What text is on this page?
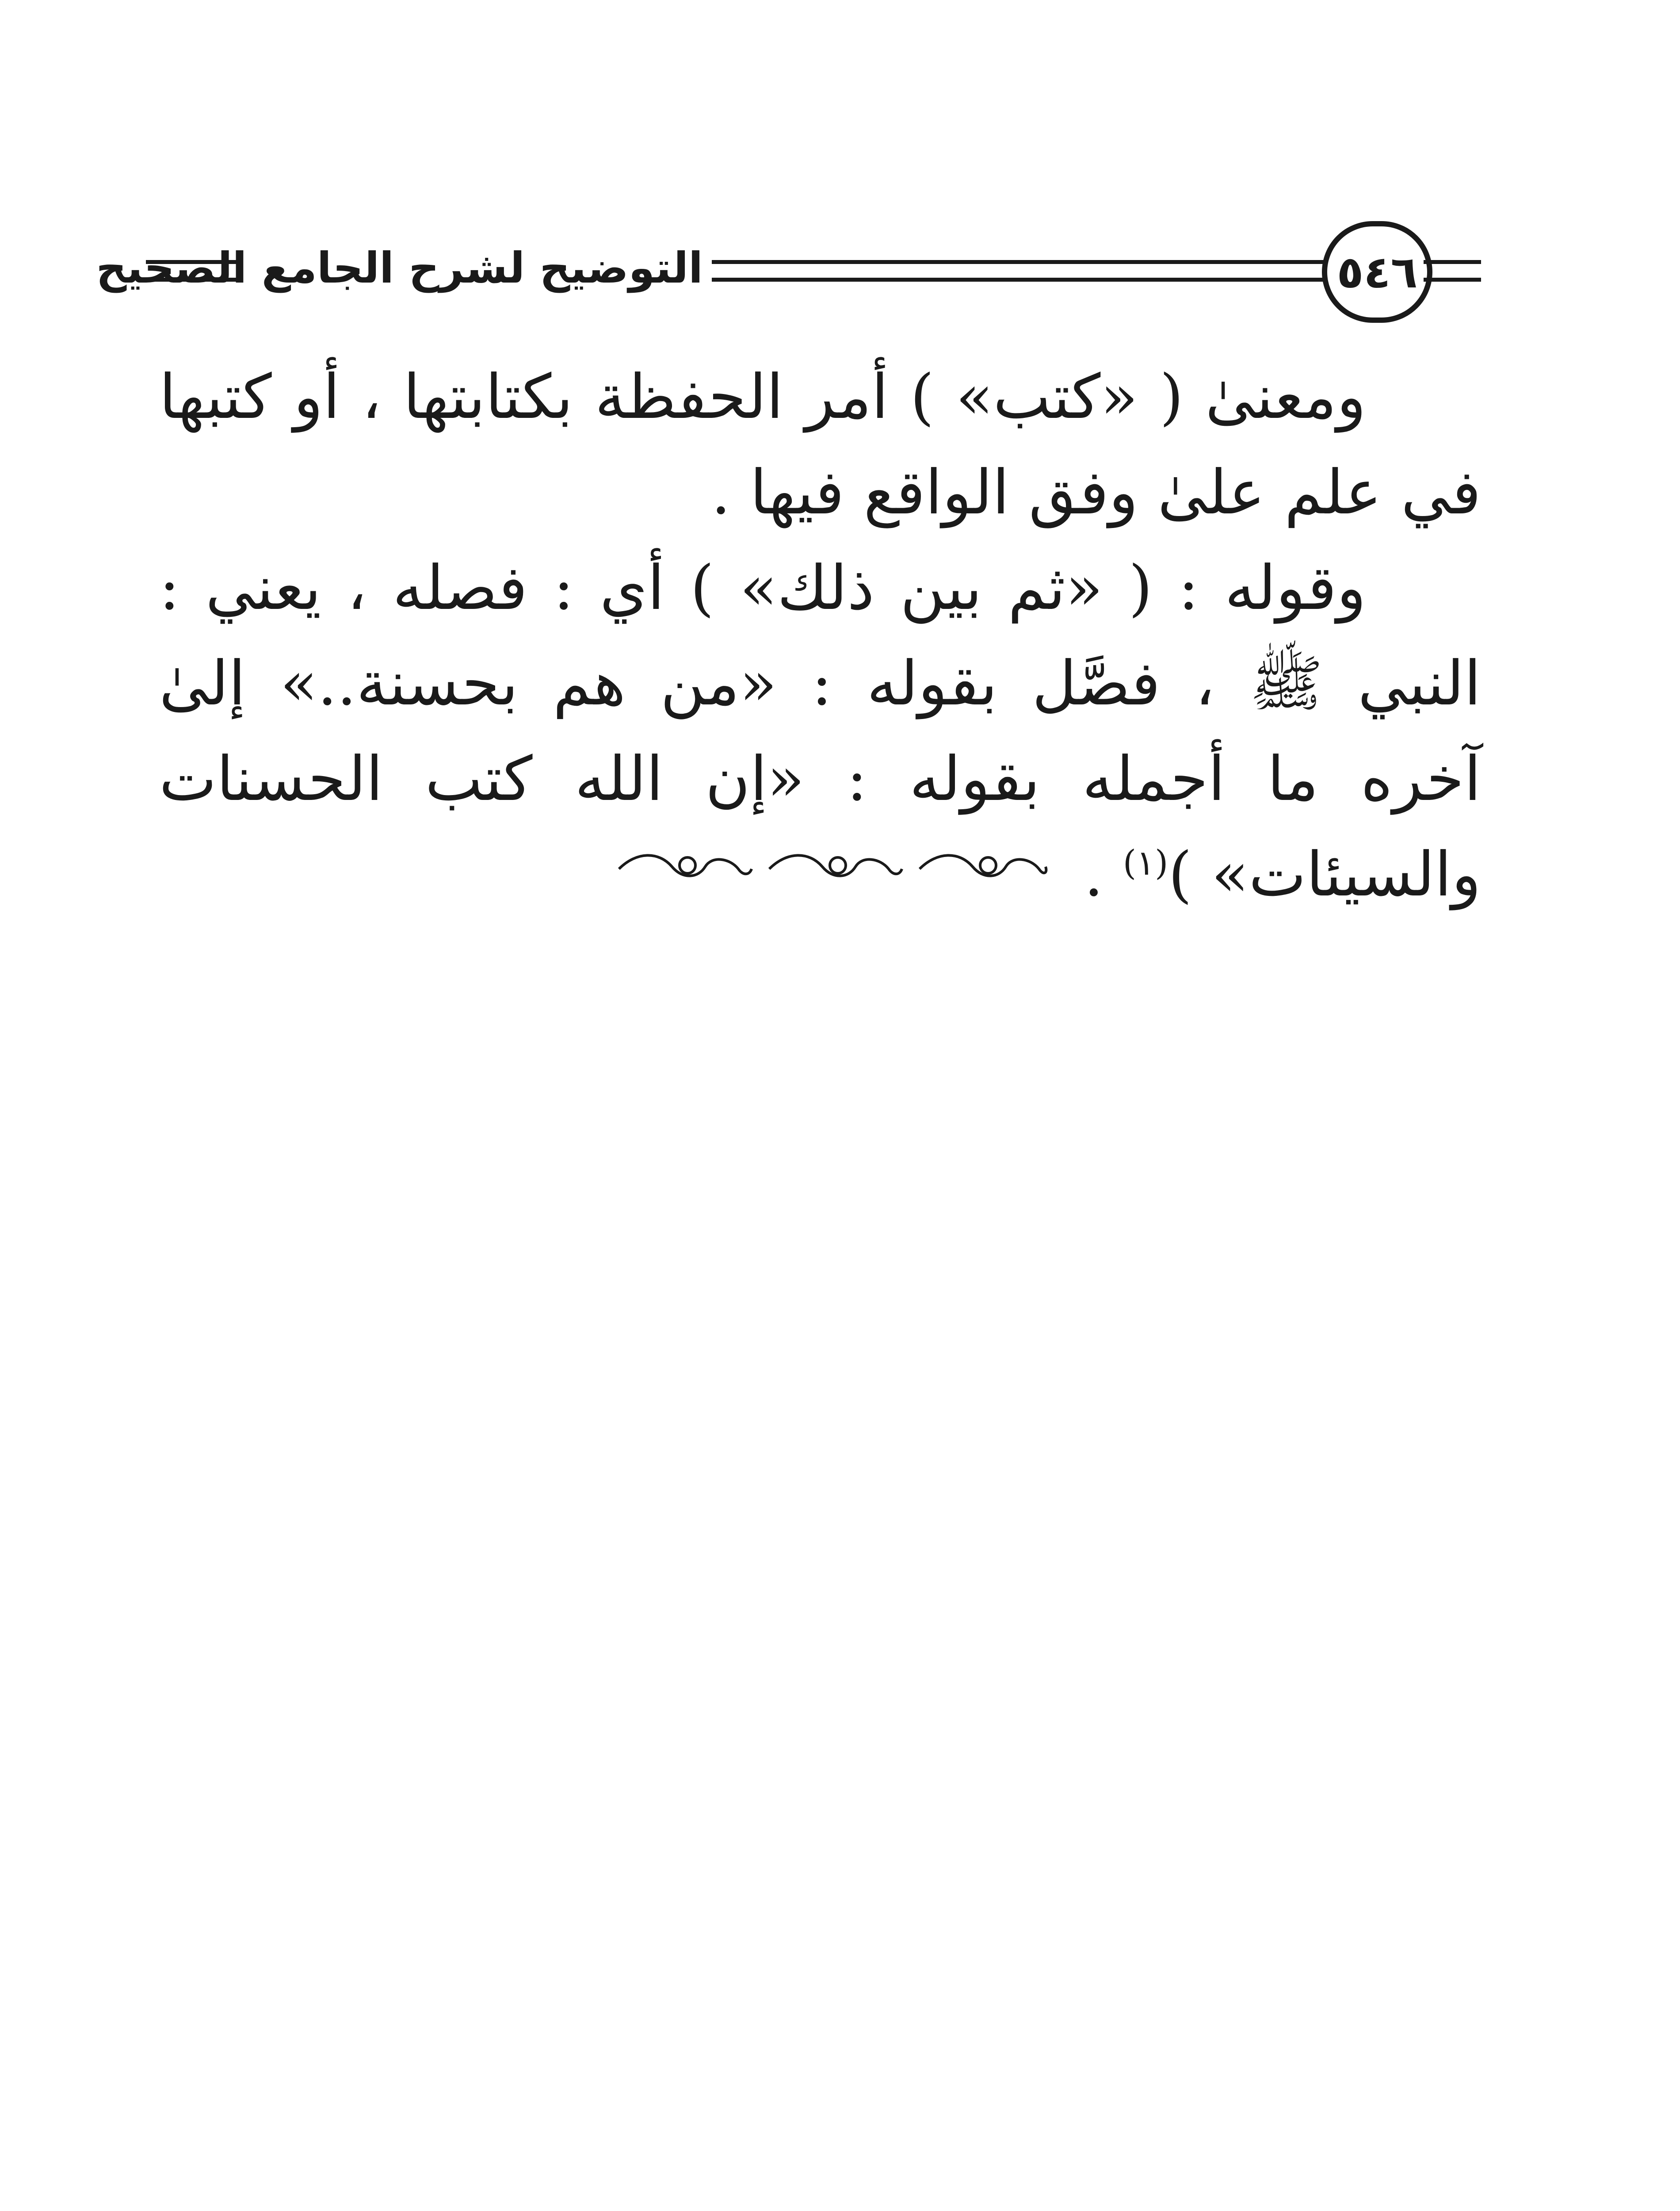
التوضيح لشرح الجامع الصحيح	٥٤٦

ومعنىٰ ( «كتب» ) أمر الحفظة بكتابتها ، أو كتبها في علم علىٰ وفق الواقع فيها .

وقوله : ( «ثم بين ذلك» ) أي : فصله ، يعني : النبي ﷺ ، فصَّل بقوله : «من هم بحسنة..» إلىٰ آخره ما أجمله بقوله : «إن الله كتب الحسنات والسيئات» )$^{(١)}$ .
